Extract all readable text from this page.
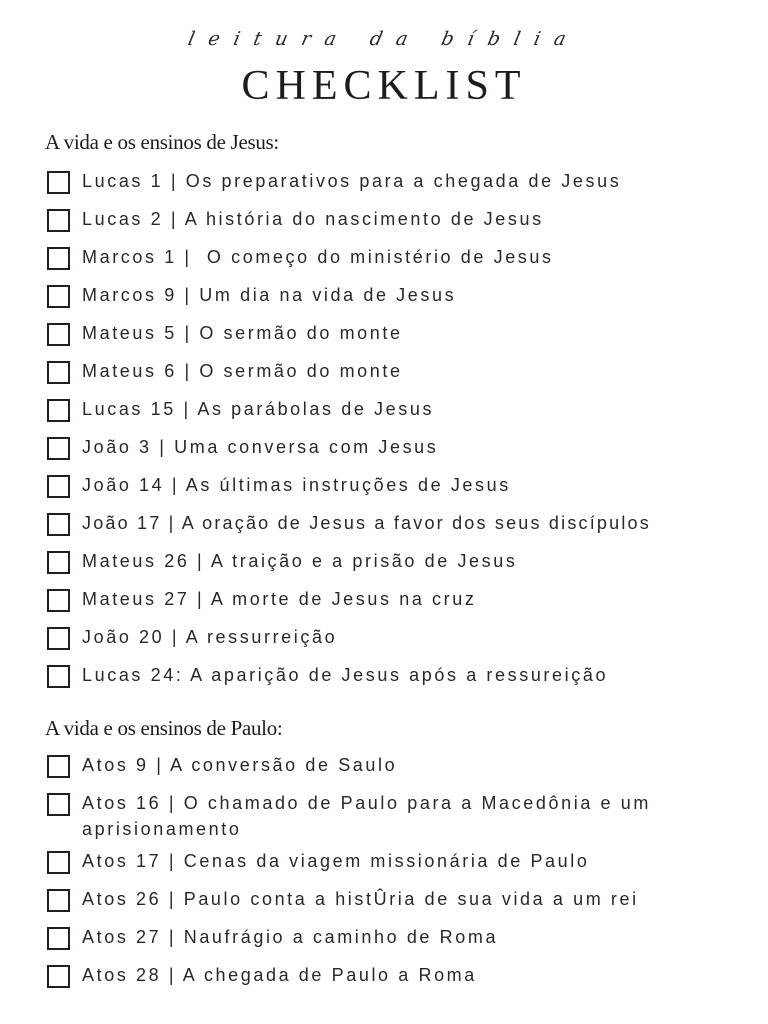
leitura da bíblia
CHECKLIST
A vida e os ensinos de Jesus:
Lucas 1 | Os preparativos para a chegada de Jesus
Lucas 2 | A história do nascimento de Jesus
Marcos 1 |  O começo do ministério de Jesus
Marcos 9 | Um dia na vida de Jesus
Mateus 5 | O sermão do monte
Mateus 6 | O sermão do monte
Lucas 15 | As parábolas de Jesus
João 3 | Uma conversa com Jesus
João 14 | As últimas instruções de Jesus
João 17 | A oração de Jesus a favor dos seus discípulos
Mateus 26 | A traição e a prisão de Jesus
Mateus 27 | A morte de Jesus na cruz
João 20 | A ressurreição
Lucas 24: A aparição de Jesus após a ressureição
A vida e os ensinos de Paulo:
Atos 9 | A conversão de Saulo
Atos 16 | O chamado de Paulo para a Macedônia e um aprisionamento
Atos 17 | Cenas da viagem missionária de Paulo
Atos 26 | Paulo conta a histÛria de sua vida a um rei
Atos 27 | Naufrágio a caminho de Roma
Atos 28 | A chegada de Paulo a Roma
